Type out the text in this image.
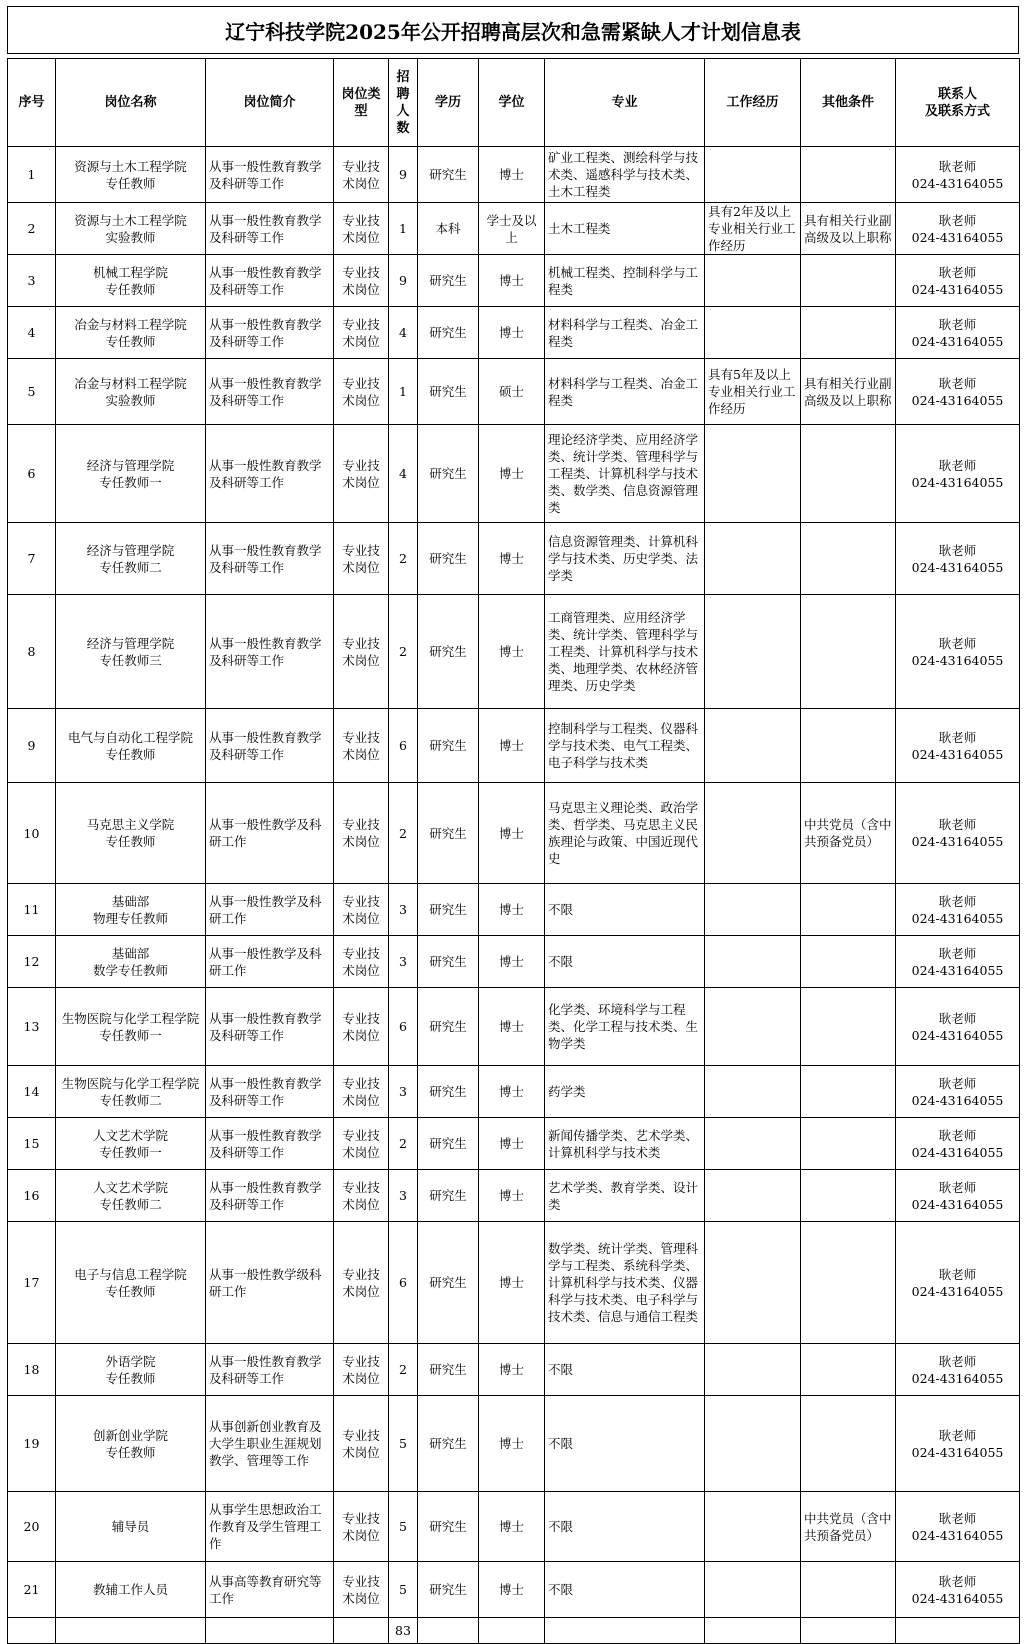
辽宁科技学院2025年公开招聘高层次和急需紧缺人才计划信息表
序号	岗位名称	岗位简介	岗位类型	招聘人数	学历	学位	专业	工作经历	其他条件	联系人
及联系方式
1	资源与土木工程学院
专任教师	从事一般性教育教学及科研等工作	专业技术岗位	9	研究生	博士	矿业工程类、测绘科学与技术类、遥感科学与技术类、土木工程类			耿老师
024-43164055
2	资源与土木工程学院
实验教师	从事一般性教育教学及科研等工作	专业技术岗位	1	本科	学士及以上	土木工程类	具有2年及以上专业相关行业工作经历	具有相关行业副高级及以上职称	耿老师
024-43164055
3	机械工程学院
专任教师	从事一般性教育教学及科研等工作	专业技术岗位	9	研究生	博士	机械工程类、控制科学与工程类			耿老师
024-43164055
4	冶金与材料工程学院
专任教师	从事一般性教育教学及科研等工作	专业技术岗位	4	研究生	博士	材料科学与工程类、冶金工程类			耿老师
024-43164055
5	冶金与材料工程学院
实验教师	从事一般性教育教学及科研等工作	专业技术岗位	1	研究生	硕士	材料科学与工程类、冶金工程类	具有5年及以上专业相关行业工作经历	具有相关行业副高级及以上职称	耿老师
024-43164055
6	经济与管理学院
专任教师一	从事一般性教育教学及科研等工作	专业技术岗位	4	研究生	博士	理论经济学类、应用经济学类、统计学类、管理科学与工程类、计算机科学与技术类、数学类、信息资源管理类			耿老师
024-43164055
7	经济与管理学院
专任教师二	从事一般性教育教学及科研等工作	专业技术岗位	2	研究生	博士	信息资源管理类、计算机科学与技术类、历史学类、法学类			耿老师
024-43164055
8	经济与管理学院
专任教师三	从事一般性教育教学及科研等工作	专业技术岗位	2	研究生	博士	工商管理类、应用经济学类、统计学类、管理科学与工程类、计算机科学与技术类、地理学类、农林经济管理类、历史学类			耿老师
024-43164055
9	电气与自动化工程学院
专任教师	从事一般性教育教学及科研等工作	专业技术岗位	6	研究生	博士	控制科学与工程类、仪器科学与技术类、电气工程类、电子科学与技术类			耿老师
024-43164055
10	马克思主义学院
专任教师	从事一般性教学及科研工作	专业技术岗位	2	研究生	博士	马克思主义理论类、政治学类、哲学类、马克思主义民族理论与政策、中国近现代史		中共党员（含中共预备党员）	耿老师
024-43164055
11	基础部
物理专任教师	从事一般性教学及科研工作	专业技术岗位	3	研究生	博士	不限			耿老师
024-43164055
12	基础部
数学专任教师	从事一般性教学及科研工作	专业技术岗位	3	研究生	博士	不限			耿老师
024-43164055
13	生物医院与化学工程学院
专任教师一	从事一般性教育教学及科研等工作	专业技术岗位	6	研究生	博士	化学类、环境科学与工程类、化学工程与技术类、生物学类			耿老师
024-43164055
14	生物医院与化学工程学院
专任教师二	从事一般性教育教学及科研等工作	专业技术岗位	3	研究生	博士	药学类			耿老师
024-43164055
15	人文艺术学院
专任教师一	从事一般性教育教学及科研等工作	专业技术岗位	2	研究生	博士	新闻传播学类、艺术学类、计算机科学与技术类			耿老师
024-43164055
16	人文艺术学院
专任教师二	从事一般性教育教学及科研等工作	专业技术岗位	3	研究生	博士	艺术学类、教育学类、设计类			耿老师
024-43164055
17	电子与信息工程学院
专任教师	从事一般性教学级科研工作	专业技术岗位	6	研究生	博士	数学类、统计学类、管理科学与工程类、系统科学类、计算机科学与技术类、仪器科学与技术类、电子科学与技术类、信息与通信工程类			耿老师
024-43164055
18	外语学院
专任教师	从事一般性教育教学及科研等工作	专业技术岗位	2	研究生	博士	不限			耿老师
024-43164055
19	创新创业学院
专任教师	从事创新创业教育及大学生职业生涯规划教学、管理等工作	专业技术岗位	5	研究生	博士	不限			耿老师
024-43164055
20	辅导员	从事学生思想政治工作教育及学生管理工作	专业技术岗位	5	研究生	博士	不限		中共党员（含中共预备党员）	耿老师
024-43164055
21	教辅工作人员	从事高等教育研究等工作	专业技术岗位	5	研究生	博士	不限			耿老师
024-43164055
				83						
